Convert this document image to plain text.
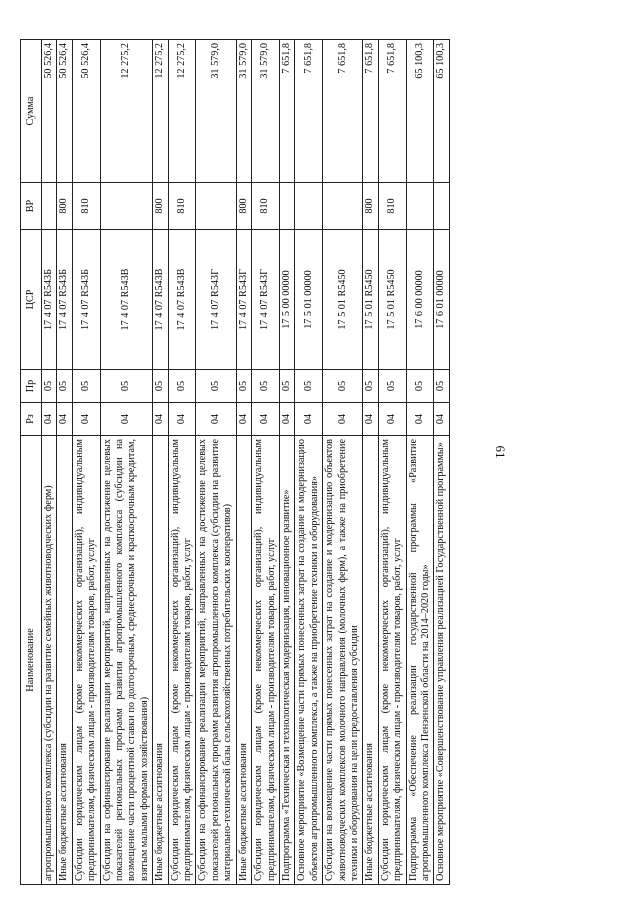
61
Наименование	Рз	Пр	ЦСР	ВР	Сумма
агропромышленного комплекса (субсидии на развитие семейных животноводческих ферм)	04	05	17 4 07 R543Б		50 526,4
Иные бюджетные ассигнования	04	05	17 4 07 R543Б	800	50 526,4
Субсидии юридическим лицам (кроме некоммерческих организаций), индивидуальным предпринимателям, физическим лицам - производителям товаров, работ, услуг	04	05	17 4 07 R543Б	810	50 526,4
Субсидии на софинансирование реализации мероприятий, направленных на достижение целевых показателей региональных программ развития агропромышленного комплекса (субсидии на возмещение части процентной ставки по долгосрочным, среднесрочным и краткосрочным кредитам, взятым малыми формами хозяйствования)	04	05	17 4 07 R543В		12 275,2
Иные бюджетные ассигнования	04	05	17 4 07 R543В	800	12 275,2
Субсидии юридическим лицам (кроме некоммерческих организаций), индивидуальным предпринимателям, физическим лицам - производителям товаров, работ, услуг	04	05	17 4 07 R543В	810	12 275,2
Субсидии на софинансирование реализации мероприятий, направленных на достижение целевых показателей региональных программ развития агропромышленного комплекса (субсидии на развитие материально-технической базы сельскохозяйственных потребительских кооперативов)	04	05	17 4 07 R543Г		31 579,0
Иные бюджетные ассигнования	04	05	17 4 07 R543Г	800	31 579,0
Субсидии юридическим лицам (кроме некоммерческих организаций), индивидуальным предпринимателям, физическим лицам - производителям товаров, работ, услуг	04	05	17 4 07 R543Г	810	31 579,0
Подпрограмма «Техническая и технологическая модернизация, инновационное развитие»	04	05	17 5 00 00000		7 651,8
Основное мероприятие «Возмещение части прямых понесенных затрат на создание и модернизацию объектов агропромышленного комплекса, а также на приобретение техники и оборудования»	04	05	17 5 01 00000		7 651,8
Субсидии на возмещение части прямых понесенных затрат на создание и модернизацию объектов животноводческих комплексов молочного направления (молочных ферм), а также на приобретение техники и оборудования на цели предоставления субсидии	04	05	17 5 01 R5450		7 651,8
Иные бюджетные ассигнования	04	05	17 5 01 R5450	800	7 651,8
Субсидии юридическим лицам (кроме некоммерческих организаций), индивидуальным предпринимателям, физическим лицам - производителям товаров, работ, услуг	04	05	17 5 01 R5450	810	7 651,8
Подпрограмма «Обеспечение реализации государственной программы «Развитие агропромышленного комплекса Пензенской области на 2014–2020 годы»	04	05	17 6 00 00000		65 100,3
Основное мероприятие «Совершенствование управления реализацией Государственной программы»	04	05	17 6 01 00000		65 100,3
